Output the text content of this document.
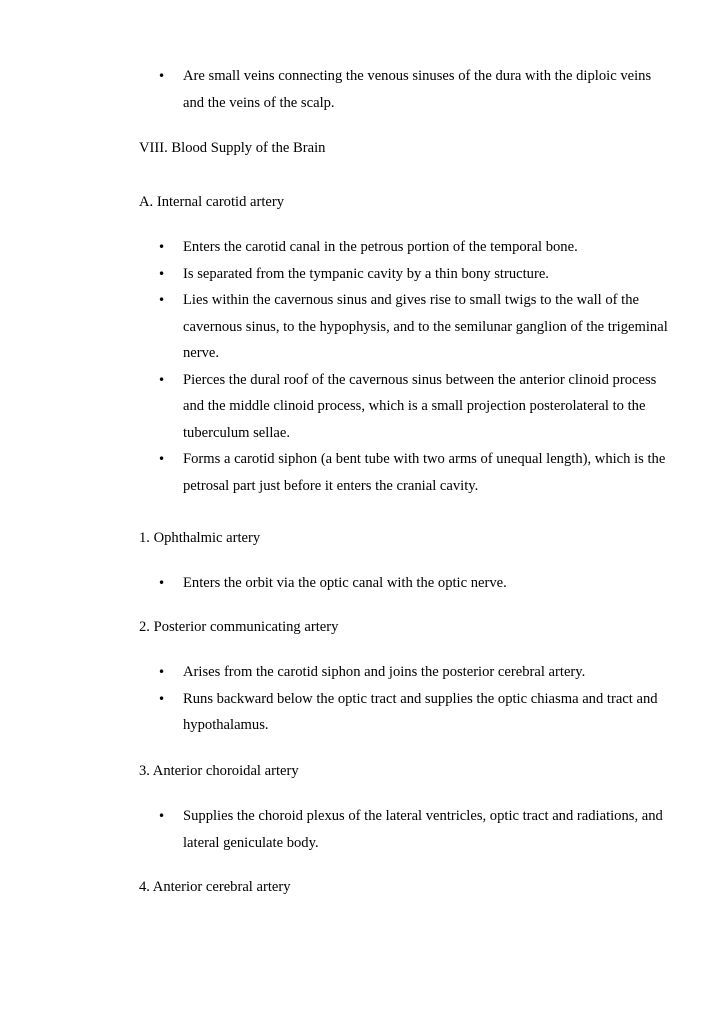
• Are small veins connecting the venous sinuses of the dura with the diploic veins and the veins of the scalp.
VIII. Blood Supply of the Brain
A. Internal carotid artery
• Enters the carotid canal in the petrous portion of the temporal bone.
• Is separated from the tympanic cavity by a thin bony structure.
• Lies within the cavernous sinus and gives rise to small twigs to the wall of the cavernous sinus, to the hypophysis, and to the semilunar ganglion of the trigeminal nerve.
• Pierces the dural roof of the cavernous sinus between the anterior clinoid process and the middle clinoid process, which is a small projection posterolateral to the tuberculum sellae.
• Forms a carotid siphon (a bent tube with two arms of unequal length), which is the petrosal part just before it enters the cranial cavity.
1. Ophthalmic artery
• Enters the orbit via the optic canal with the optic nerve.
2. Posterior communicating artery
• Arises from the carotid siphon and joins the posterior cerebral artery.
• Runs backward below the optic tract and supplies the optic chiasma and tract and hypothalamus.
3. Anterior choroidal artery
• Supplies the choroid plexus of the lateral ventricles, optic tract and radiations, and lateral geniculate body.
4. Anterior cerebral artery
